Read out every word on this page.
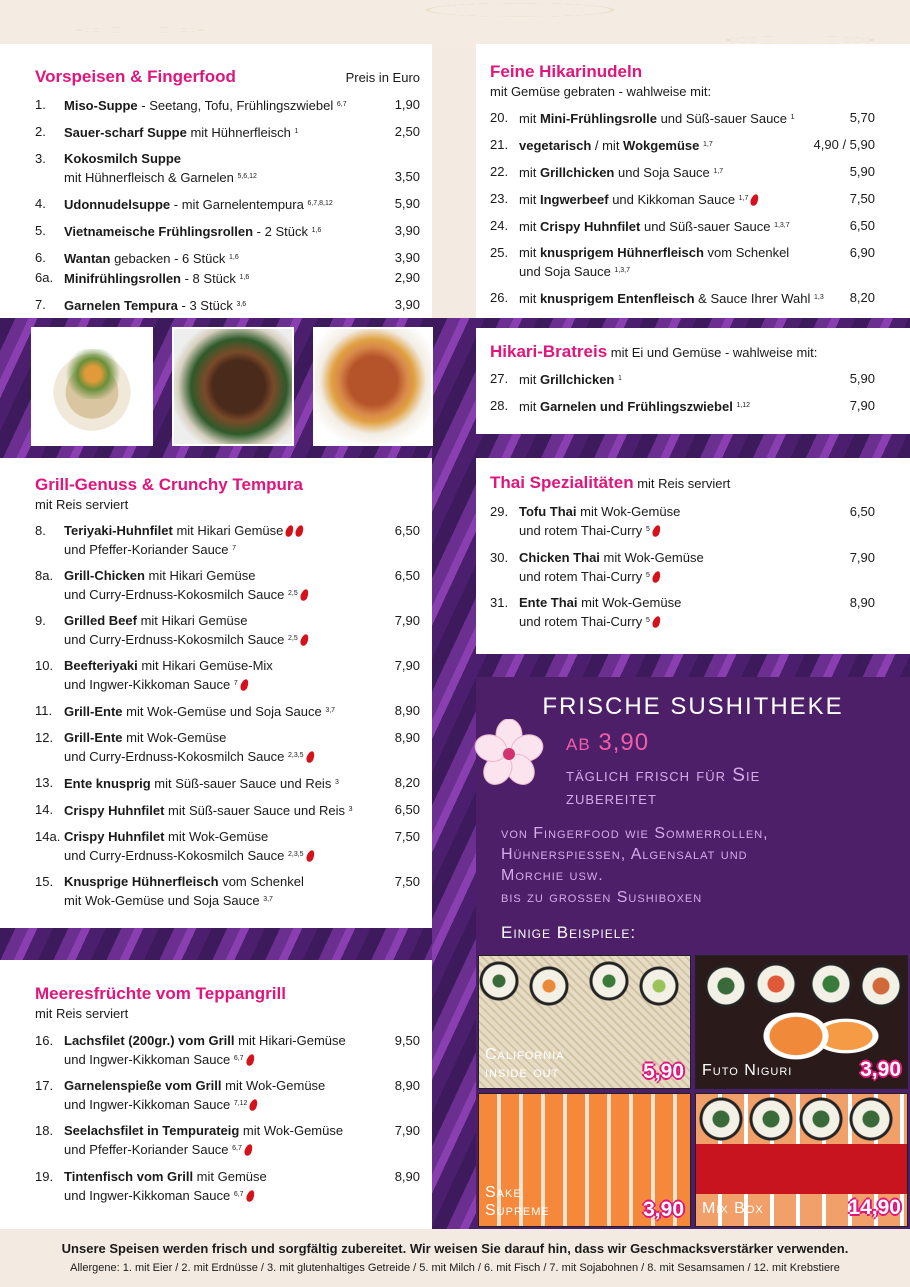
Vorspeisen & Fingerfood	Preis in Euro
1. Miso-Suppe - Seetang, Tofu, Frühlingszwiebel $^{6,7}$	1,90
2. Sauer-scharf Suppe mit Hühnerfleisch $^1$	2,50
3. Kokosmilch Suppe
mit Hühnerfleisch & Garnelen $^{5,6,12}$	3,50
4. Udonnudelsuppe - mit Garnelentempura $^{6,7,8,12}$	5,90
5. Vietnameische Frühlingsrollen - 2 Stück $^{1,6}$	3,90
6. Wantan gebacken - 6 Stück $^{1,6}$	3,90
6a. Minifrühlingsrollen - 8 Stück $^{1,6}$	2,90
7. Garnelen Tempura - 3 Stück $^{3,6}$	3,90
Grill-Genuss & Crunchy Tempura
mit Reis serviert
8. Teriyaki-Huhnfilet mit Hikari Gemüse
und Pfeffer-Koriander Sauce $^7$
6,50
8a. Grill-Chicken mit Hikari Gemüse
und Curry-Erdnuss-Kokosmilch Sauce $^{2,5}$
6,50
9. Grilled Beef mit Hikari Gemüse
und Curry-Erdnuss-Kokosmilch Sauce $^{2,5}$
7,90
10. Beefteriyaki mit Hikari Gemüse-Mix
und Ingwer-Kikkoman Sauce $^7$
7,90
11. Grill-Ente mit Wok-Gemüse und Soja Sauce $^{3,7}$	8,90
12. Grill-Ente mit Wok-Gemüse
und Curry-Erdnuss-Kokosmilch Sauce $^{2,3,5}$
8,90
13. Ente knusprig mit Süß-sauer Sauce und Reis $^3$	8,20
14. Crispy Huhnfilet mit Süß-sauer Sauce und Reis $^3$	6,50
14a. Crispy Huhnfilet mit Wok-Gemüse
und Curry-Erdnuss-Kokosmilch Sauce $^{2,3,5}$
7,50
15. Knusprige Hühnerfleisch vom Schenkel
mit Wok-Gemüse und Soja Sauce $^{3,7}$
7,50
Meeresfrüchte vom Teppangrill
mit Reis serviert
16. Lachsfilet (200gr.) vom Grill mit Hikari-Gemüse
und Ingwer-Kikkoman Sauce $^{6,7}$
9,50
17. Garnelenspieße vom Grill mit Wok-Gemüse
und Ingwer-Kikkoman Sauce $^{7,12}$
8,90
18. Seelachsfilet in Tempurateig mit Wok-Gemüse
und Pfeffer-Koriander Sauce $^{6,7}$
7,90
19. Tintenfisch vom Grill mit Gemüse
und Ingwer-Kikkoman Sauce $^{6,7}$
8,90
Feine Hikarinudeln
mit Gemüse gebraten - wahlweise mit:
20. mit Mini-Frühlingsrolle und Süß-sauer Sauce $^1$	5,70
21. vegetarisch / mit Wokgemüse $^{1,7}$	4,90 / 5,90
22. mit Grillchicken und Soja Sauce $^{1,7}$	5,90
23. mit Ingwerbeef und Kikkoman Sauce $^{1,7}$	7,50
24. mit Crispy Huhnfilet und Süß-sauer Sauce $^{1,3,7}$	6,50
25. mit knusprigem Hühnerfleisch vom Schenkel
und Soja Sauce $^{1,3,7}$
6,90
26. mit knusprigem Entenfleisch & Sauce Ihrer Wahl $^{1,3}$ 8,20
Hikari-Bratreis mit Ei und Gemüse - wahlweise mit:
27. mit Grillchicken $^1$	5,90
28. mit Garnelen und Frühlingszwiebel $^{1,12}$	7,90
Thai Spezialitäten mit Reis serviert
29. Tofu Thai mit Wok-Gemüse
und rotem Thai-Curry $^5$
6,50
30. Chicken Thai mit Wok-Gemüse
und rotem Thai-Curry $^5$
7,90
31. Ente Thai mit Wok-Gemüse
und rotem Thai-Curry $^5$
8,90
FRISCHE SUSHITHEKE
ab 3,90
täglich frisch für Sie
zubereitet
von Fingerfood wie Sommerrollen,
Hühnerspiessen, Algensalat und
Morchie usw.
bis zu grossen Sushiboxen
Einige Beispiele:
California
inside out	5,90 Futo Niguri	3,90
Sake
Supreme	3,90 Mix Box	14,90
Unsere Speisen werden frisch und sorgfältig zubereitet. Wir weisen Sie darauf hin, dass wir Geschmacksverstärker verwenden.
Allergene: 1. mit Eier / 2. mit Erdnüsse / 3. mit glutenhaltiges Getreide / 5. mit Milch / 6. mit Fisch / 7. mit Sojabohnen / 8. mit Sesamsamen / 12. mit Krebstiere
